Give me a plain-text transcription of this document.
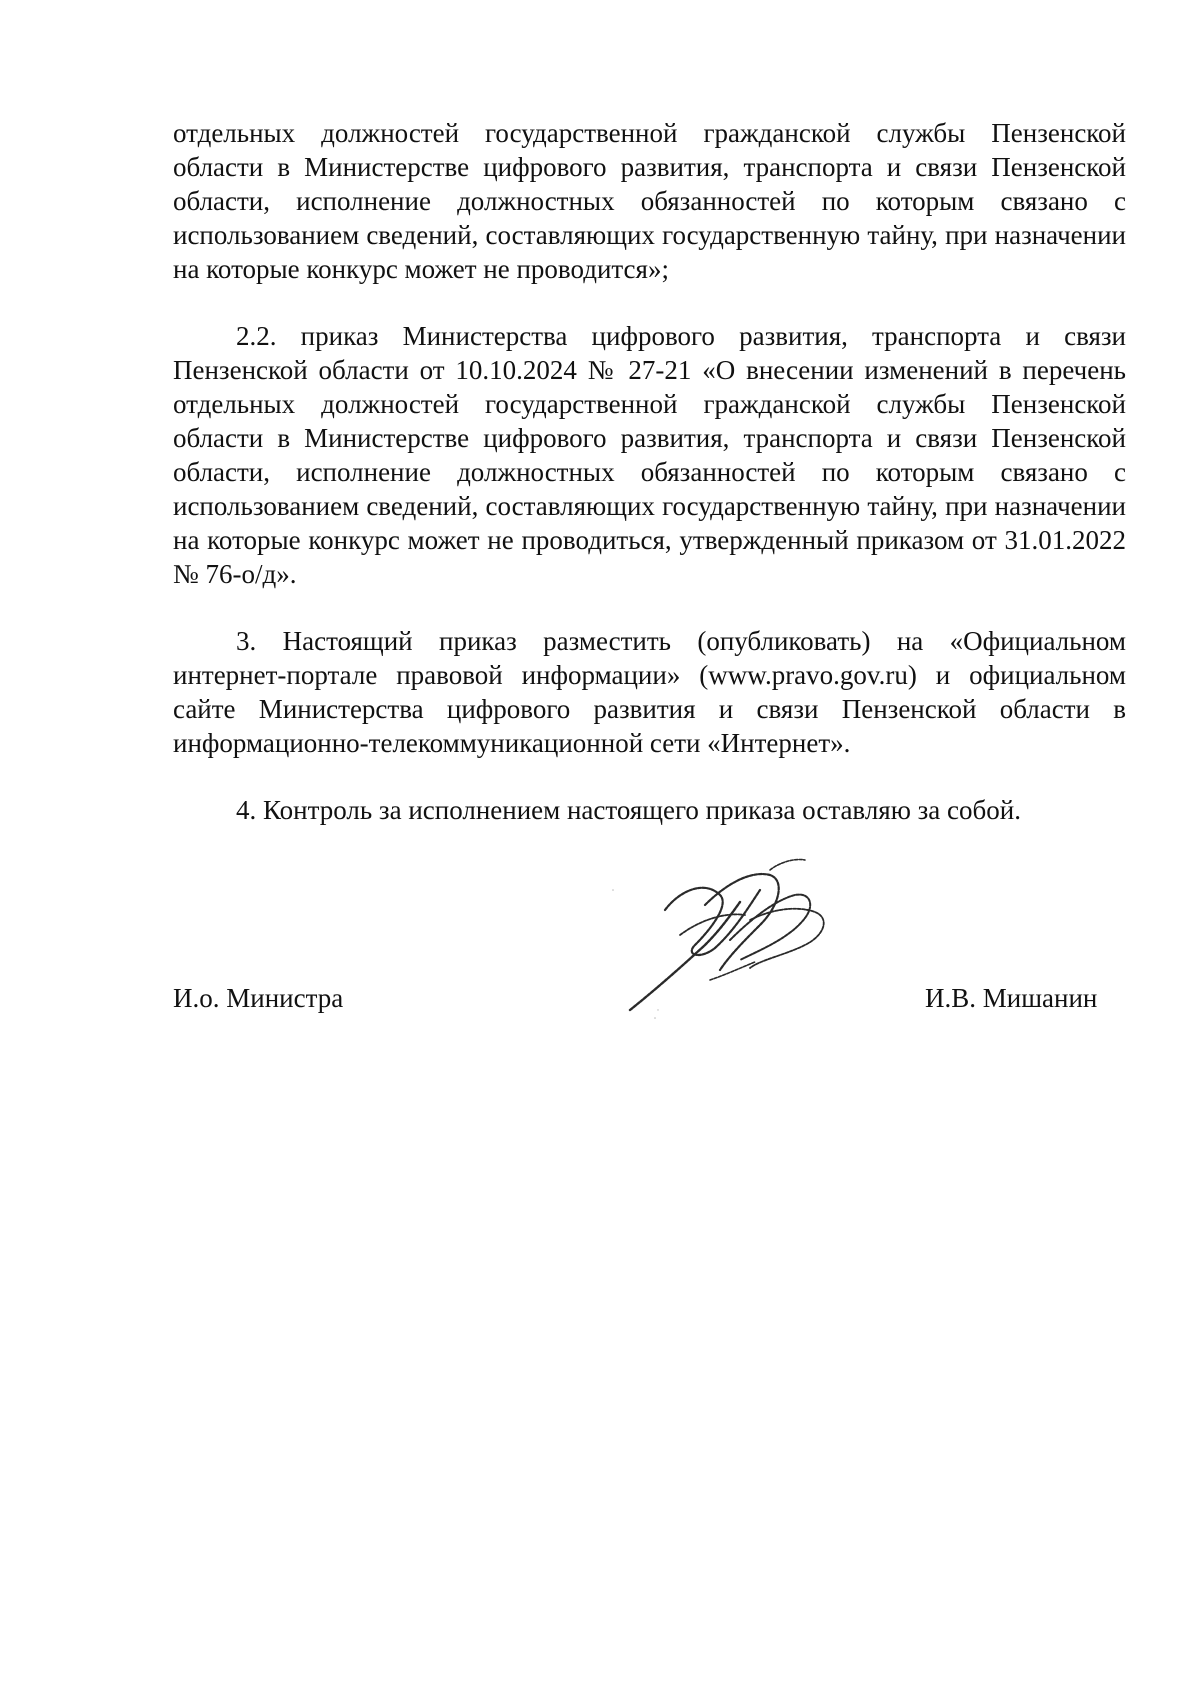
отдельных должностей государственной гражданской службы Пензенской области в Министерстве цифрового развития, транспорта и связи Пензенской области, исполнение должностных обязанностей по которым связано с использованием сведений, составляющих государственную тайну, при назначении на которые конкурс может не проводится»;

2.2. приказ Министерства цифрового развития, транспорта и связи Пензенской области от 10.10.2024 № 27-21 «О внесении изменений в перечень отдельных должностей государственной гражданской службы Пензенской области в Министерстве цифрового развития, транспорта и связи Пензенской области, исполнение должностных обязанностей по которым связано с использованием сведений, составляющих государственную тайну, при назначении на которые конкурс может не проводиться, утвержденный приказом от 31.01.2022 № 76-о/д».

3. Настоящий приказ разместить (опубликовать) на «Официальном интернет-портале правовой информации» (www.pravo.gov.ru) и официальном сайте Министерства цифрового развития и связи Пензенской области в информационно-телекоммуникационной сети «Интернет».

4. Контроль за исполнением настоящего приказа оставляю за собой.

И.о. Министра	И.В. Мишанин
